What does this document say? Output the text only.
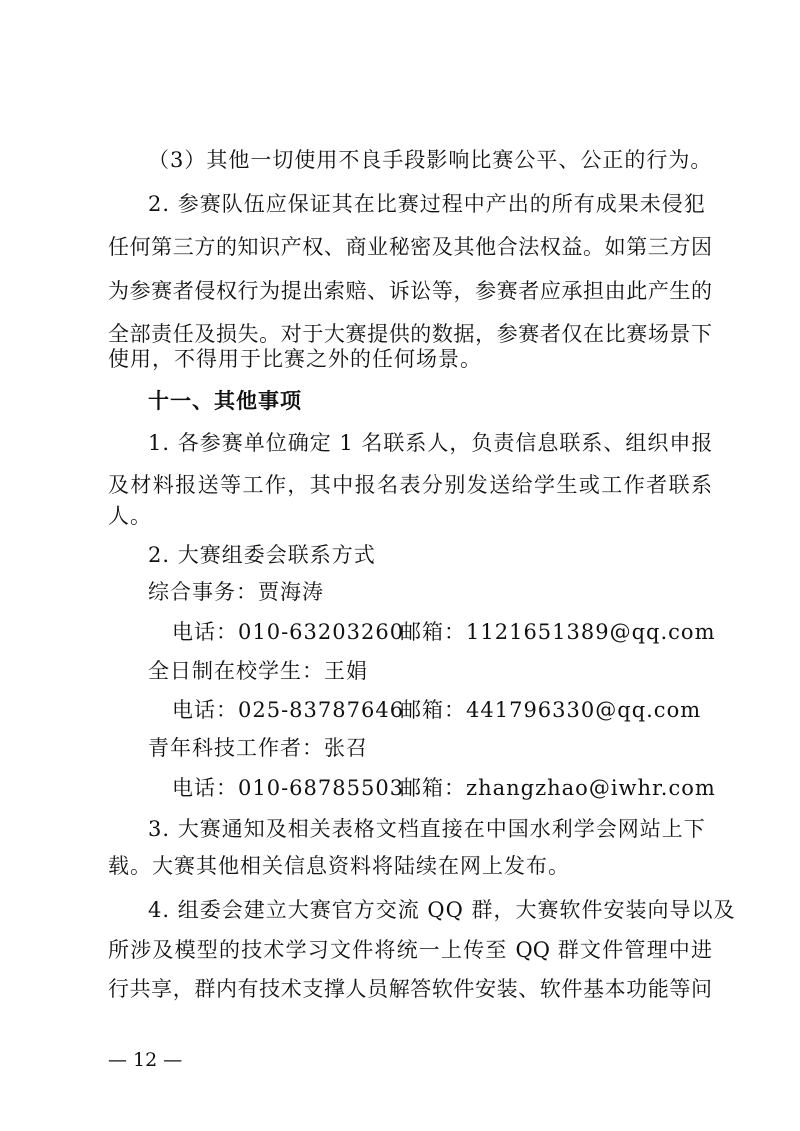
（3）其他一切使用不良手段影响比赛公平、公正的行为。

2. 参赛队伍应保证其在比赛过程中产出的所有成果未侵犯

任何第三方的知识产权、商业秘密及其他合法权益。如第三方因

为参赛者侵权行为提出索赔、诉讼等，参赛者应承担由此产生的

全部责任及损失。对于大赛提供的数据，参赛者仅在比赛场景下

使用，不得用于比赛之外的任何场景。

十一、其他事项

1. 各参赛单位确定 1 名联系人，负责信息联系、组织申报

及材料报送等工作，其中报名表分别发送给学生或工作者联系

人。

2. 大赛组委会联系方式

综合事务：贾海涛

电话：010-63203260
邮箱：1121651389@qq.com

全日制在校学生：王娟

电话：025-83787646
邮箱：441796330@qq.com

青年科技工作者：张召

电话：010-68785503
邮箱：zhangzhao@iwhr.com

3. 大赛通知及相关表格文档直接在中国水利学会网站上下

载。大赛其他相关信息资料将陆续在网上发布。

4. 组委会建立大赛官方交流 QQ 群，大赛软件安装向导以及

所涉及模型的技术学习文件将统一上传至 QQ 群文件管理中进

行共享，群内有技术支撑人员解答软件安装、软件基本功能等问

— 12 —
